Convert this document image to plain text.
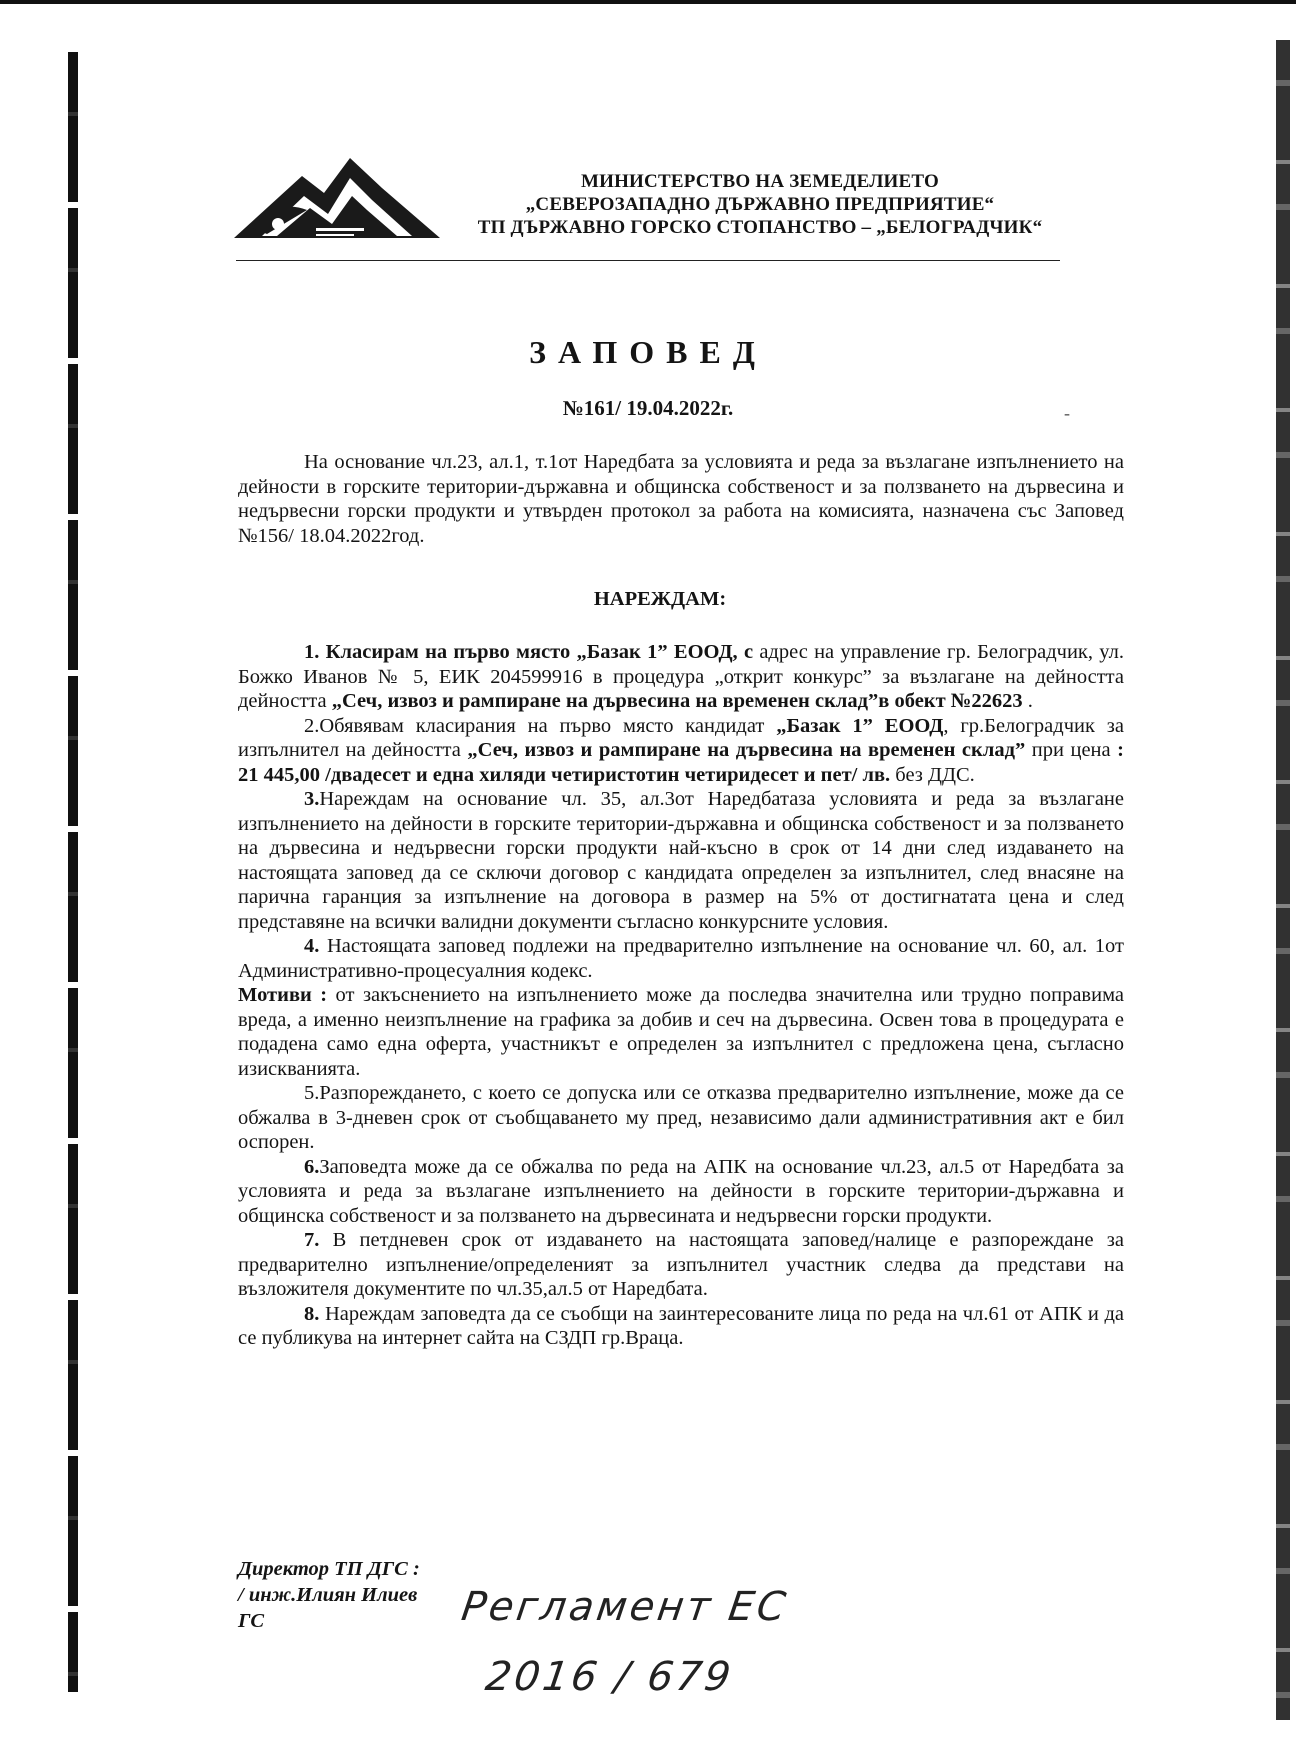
МИНИСТЕРСТВО НА ЗЕМЕДЕЛИЕТО
„СЕВЕРОЗАПАДНО ДЪРЖАВНО ПРЕДПРИЯТИЕ“
ТП ДЪРЖАВНО ГОРСКО СТОПАНСТВО – „БЕЛОГРАДЧИК“
ЗАПОВЕД
№161/ 19.04.2022г.	-

На основание чл.23, ал.1, т.1от Наредбата за условията и реда за възлагане изпълнението на дейности в горските територии-държавна и общинска собственост и за ползването на дървесина и недървесни горски продукти и утвърден протокол за работа на комисията, назначена със Заповед №156/ 18.04.2022год.

НАРЕЖДАМ:

1. Класирам на първо място „Базак 1” ЕООД, с адрес на управление гр. Белоградчик, ул. Божко Иванов № 5, ЕИК 204599916 в процедура „открит конкурс” за възлагане на дейността дейността „Сеч, извоз и рампиране на дървесина на временен склад”в обект №22623 .

2.Обявявам класирания на първо място кандидат „Базак 1” ЕООД, гр.Белоградчик за изпълнител на дейността „Сеч, извоз и рампиране на дървесина на временен склад” при цена : 21 445,00 /двадесет и една хиляди четиристотин четиридесет и пет/ лв. без ДДС.

3.Нареждам на основание чл. 35, ал.3от Наредбатаза условията и реда за възлагане изпълнението на дейности в горските територии-държавна и общинска собственост и за ползването на дървесина и недървесни горски продукти най-късно в срок от 14 дни след издаването на настоящата заповед да се сключи договор с кандидата определен за изпълнител, след внасяне на парична гаранция за изпълнение на договора в размер на 5% от достигнатата цена и след представяне на всички валидни документи съгласно конкурсните условия.

4. Настоящата заповед подлежи на предварително изпълнение на основание чл. 60, ал. 1от Административно-процесуалния кодекс.

Мотиви : от закъснението на изпълнението може да последва значителна или трудно поправима вреда, а именно неизпълнение на графика за добив и сеч на дървесина. Освен това в процедурата е подадена само една оферта, участникът е определен за изпълнител с предложена цена, съгласно изискванията.

5.Разпореждането, с което се допуска или се отказва предварително изпълнение, може да се обжалва в 3-дневен срок от съобщаването му пред, независимо дали административния акт е бил оспорен.

6.Заповедта може да се обжалва по реда на АПК на основание чл.23, ал.5 от Наредбата за условията и реда за възлагане изпълнението на дейности в горските територии-държавна и общинска собственост и за ползването на дървесината и недървесни горски продукти.

7. В петдневен срок от издаването на настоящата заповед/налице е разпореждане за предварително изпълнение/определеният за изпълнител участник следва да представи на възложителя документите по чл.35,ал.5 от Наредбата.

8. Нареждам заповедта да се съобщи на заинтересованите лица по реда на чл.61 от АПК и да се публикува на интернет сайта на СЗДП гр.Враца.

Директор ТП ДГС :
/ инж.Илиян Илиев
ГС	Регламент ЕС
2016 / 679
